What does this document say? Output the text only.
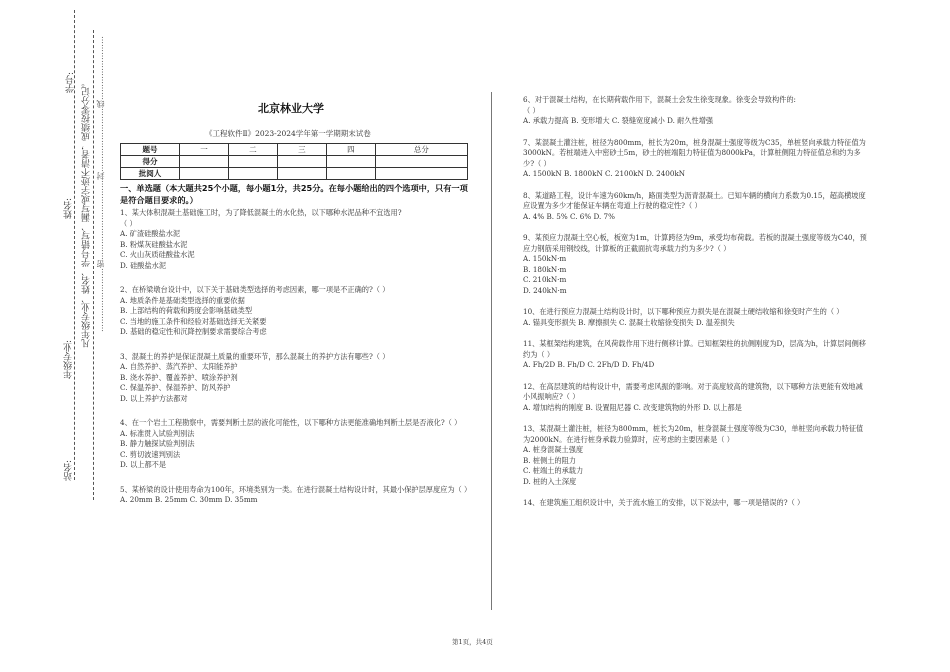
学号: 凡年级专业、姓名、学号错写、漏写或字迹不清者，成绩按零分记。 ……………………密…………………………封……………………线……………………
姓名:
年级专业:
站名:
北京林业大学
《工程软件Ⅱ》2023-2024学年第一学期期末试卷
题号	一	二	三	四	总分
得分					
批阅人					
一、单选题（本大题共25个小题，每小题1分，共25分。在每小题给出的四个选项中，只有一项是符合题目要求的。）

1、某大体积混凝土基础施工时，为了降低混凝土的水化热，以下哪种水泥品种不宜选用?

（ ）

A. 矿渣硅酸盐水泥

B. 粉煤灰硅酸盐水泥

C. 火山灰质硅酸盐水泥

D. 硅酸盐水泥

2、在桥梁墩台设计中，以下关于基础类型选择的考虑因素，哪一项是不正确的?（ ）

A. 地质条件是基础类型选择的重要依据

B. 上部结构的荷载和跨度会影响基础类型

C. 当地的施工条件和经验对基础选择无关紧要

D. 基础的稳定性和沉降控制要求需要综合考虑

3、混凝土的养护是保证混凝土质量的重要环节，那么混凝土的养护方法有哪些?（ ）

A. 自然养护、蒸汽养护、太阳能养护

B. 浇水养护、覆盖养护、喷涂养护剂

C. 保温养护、保湿养护、防风养护

D. 以上养护方法都对

4、在一个岩土工程勘察中，需要判断土层的液化可能性，以下哪种方法更能准确地判断土层是否液化?（ ）

A. 标准贯入试验判别法

B. 静力触探试验判别法

C. 剪切波速判别法

D. 以上都不是

5、某桥梁的设计使用寿命为100年，环境类别为一类。在进行混凝土结构设计时，其最小保护层厚度应为（ ）

A. 20mm B. 25mm C. 30mm D. 35mm

6、对于混凝土结构，在长期荷载作用下，混凝土会发生徐变现象。徐变会导致构件的:

（ ）

A. 承载力提高 B. 变形增大 C. 裂缝宽度减小 D. 耐久性增强

7、某混凝土灌注桩，桩径为800mm，桩长为20m，桩身混凝土强度等级为C35，单桩竖向承载力特征值为3000kN。若桩端进入中密砂土5m，砂土的桩端阻力特征值为8000kPa，计算桩侧阻力特征值总和约为多少?（ ）

A. 1500kN B. 1800kN C. 2100kN D. 2400kN

8、某道路工程，设计车速为60km/h，路面类型为沥青混凝土。已知车辆的横向力系数为0.15，超高横坡度应设置为多少才能保证车辆在弯道上行驶的稳定性?（ ）

A. 4% B. 5% C. 6% D. 7%

9、某预应力混凝土空心板，板宽为1m，计算跨径为9m，承受均布荷载。若板的混凝土强度等级为C40，预应力钢筋采用钢绞线，计算板的正截面抗弯承载力约为多少?（ ）

A. 150kN·m

B. 180kN·m

C. 210kN·m

D. 240kN·m

10、在进行预应力混凝土结构设计时，以下哪种预应力损失是在混凝土硬结收缩和徐变时产生的（ ）

A. 锚具变形损失 B. 摩擦损失 C. 混凝土收缩徐变损失 D. 温差损失

11、某框架结构建筑，在风荷载作用下进行侧移计算。已知框架柱的抗侧刚度为D，层高为h，计算层间侧移约为（ ）

A. Fh/2D B. Fh/D C. 2Fh/D D. Fh/4D

12、在高层建筑的结构设计中，需要考虑风振的影响。对于高度较高的建筑物，以下哪种方法更能有效地减小风振响应?（ ）

A. 增加结构的刚度 B. 设置阻尼器 C. 改变建筑物的外形 D. 以上都是

13、某混凝土灌注桩，桩径为800mm，桩长为20m，桩身混凝土强度等级为C30，单桩竖向承载力特征值为2000kN。在进行桩身承载力验算时，应考虑的主要因素是（ ）

A. 桩身混凝土强度

B. 桩侧土的阻力

C. 桩端土的承载力

D. 桩的入土深度

14、在建筑施工组织设计中，关于流水施工的安排，以下说法中，哪一项是错误的?（ ）

第1页，共4页
